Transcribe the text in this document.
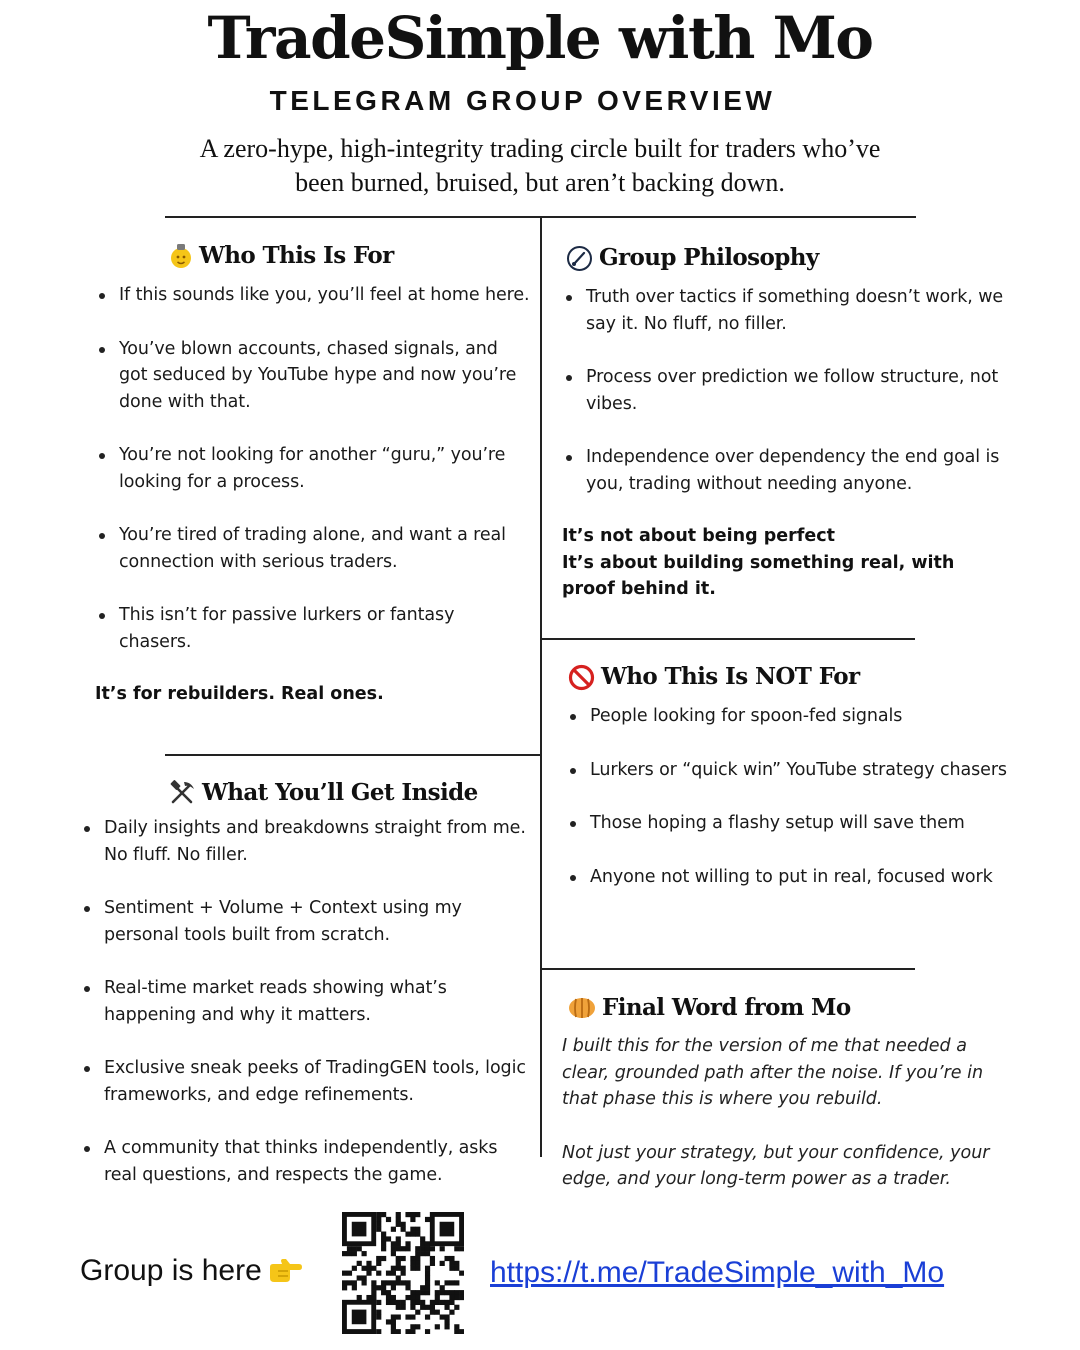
TradeSimple with Mo
TELEGRAM GROUP OVERVIEW
A zero-hype, high-integrity trading circle built for traders who’ve
been burned, bruised, but aren’t backing down.
Who This Is For
If this sounds like you, you’ll feel at home here.
You’ve blown accounts, chased signals, and got seduced by YouTube hype and now you’re done with that.
You’re not looking for another “guru,” you’re looking for a process.
You’re tired of trading alone, and want a real connection with serious traders.
This isn’t for passive lurkers or fantasy chasers.
It’s for rebuilders. Real ones.
Group Philosophy
Truth over tactics if something doesn’t work, we say it. No fluff, no filler.
Process over prediction we follow structure, not vibes.
Independence over dependency the end goal is you, trading without needing anyone.
It’s not about being perfect
It’s about building something real, with proof behind it.
What You’ll Get Inside
Daily insights and breakdowns straight from me. No fluff. No filler.
Sentiment + Volume + Context using my personal tools built from scratch.
Real-time market reads showing what’s happening and why it matters.
Exclusive sneak peeks of TradingGEN tools, logic frameworks, and edge refinements.
A community that thinks independently, asks real questions, and respects the game.
Who This Is NOT For
People looking for spoon-fed signals
Lurkers or “quick win” YouTube strategy chasers
Those hoping a flashy setup will save them
Anyone not willing to put in real, focused work
Final Word from Mo
I built this for the version of me that needed a clear, grounded path after the noise. If you’re in that phase this is where you rebuild.
Not just your strategy, but your confidence, your edge, and your long-term power as a trader.
Group is here	https://t.me/TradeSimple_with_Mo
